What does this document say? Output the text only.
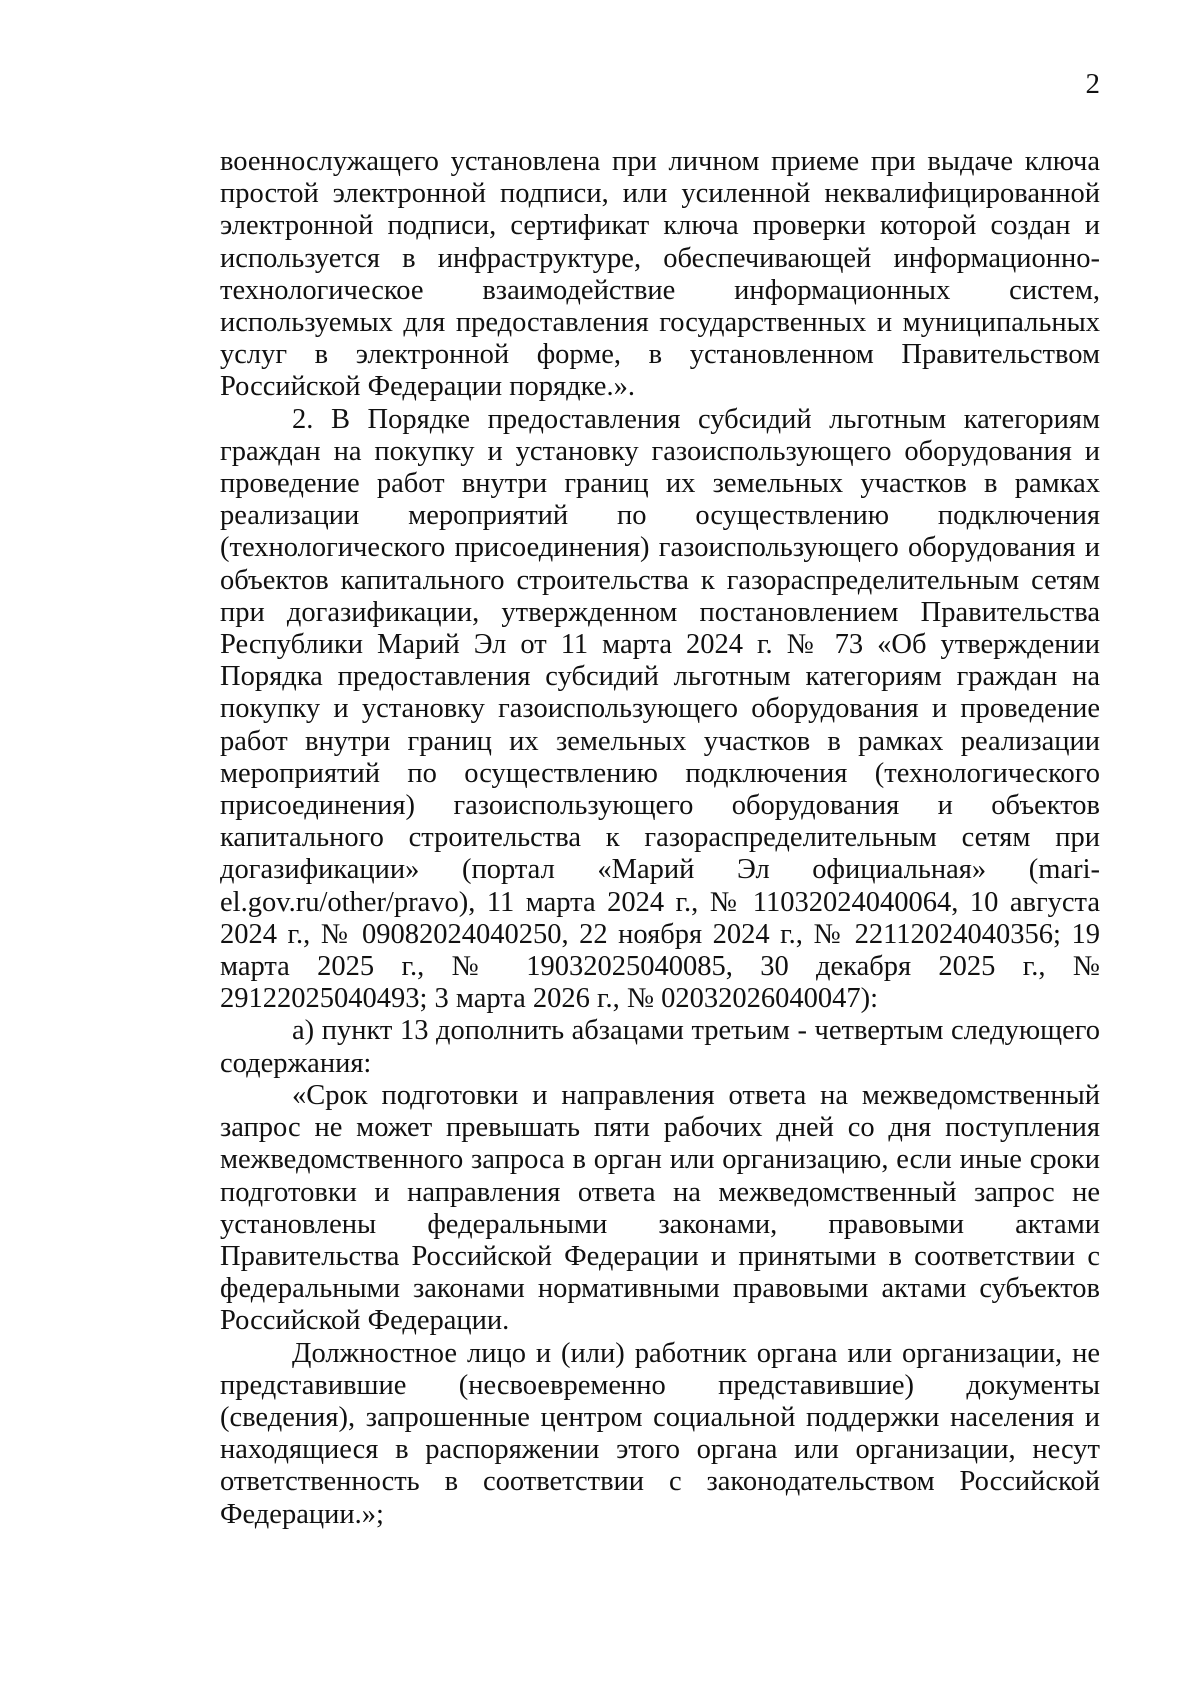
2

военнослужащего установлена при личном приеме при выдаче ключа простой электронной подписи, или усиленной неквалифицированной электронной подписи, сертификат ключа проверки которой создан и используется в инфраструктуре, обеспечивающей информационно-технологическое взаимодействие информационных систем, используемых для предоставления государственных и муниципальных услуг в электронной форме, в установленном Правительством Российской Федерации порядке.».

2. В Порядке предоставления субсидий льготным категориям граждан на покупку и установку газоиспользующего оборудования и проведение работ внутри границ их земельных участков в рамках реализации мероприятий по осуществлению подключения (технологического присоединения) газоиспользующего оборудования и объектов капитального строительства к газораспределительным сетям при догазификации, утвержденном постановлением Правительства Республики Марий Эл от 11 марта 2024 г. № 73 «Об утверждении Порядка предоставления субсидий льготным категориям граждан на покупку и установку газоиспользующего оборудования и проведение работ внутри границ их земельных участков в рамках реализации мероприятий по осуществлению подключения (технологического присоединения) газоиспользующего оборудования и объектов капитального строительства к газораспределительным сетям при догазификации» (портал «Марий Эл официальная» (mari-el.gov.ru/other/pravo), 11 марта 2024 г., № 11032024040064, 10 августа 2024 г., № 09082024040250, 22 ноября 2024 г., № 22112024040356; 19 марта 2025 г., № 19032025040085, 30 декабря 2025 г., № 29122025040493; 3 марта 2026 г., № 02032026040047):

а) пункт 13 дополнить абзацами третьим - четвертым следующего содержания:

«Срок подготовки и направления ответа на межведомственный запрос не может превышать пяти рабочих дней со дня поступления межведомственного запроса в орган или организацию, если иные сроки подготовки и направления ответа на межведомственный запрос не установлены федеральными законами, правовыми актами Правительства Российской Федерации и принятыми в соответствии с федеральными законами нормативными правовыми актами субъектов Российской Федерации.

Должностное лицо и (или) работник органа или организации, не представившие (несвоевременно представившие) документы (сведения), запрошенные центром социальной поддержки населения и находящиеся в распоряжении этого органа или организации, несут ответственность в соответствии с законодательством Российской Федерации.»;
